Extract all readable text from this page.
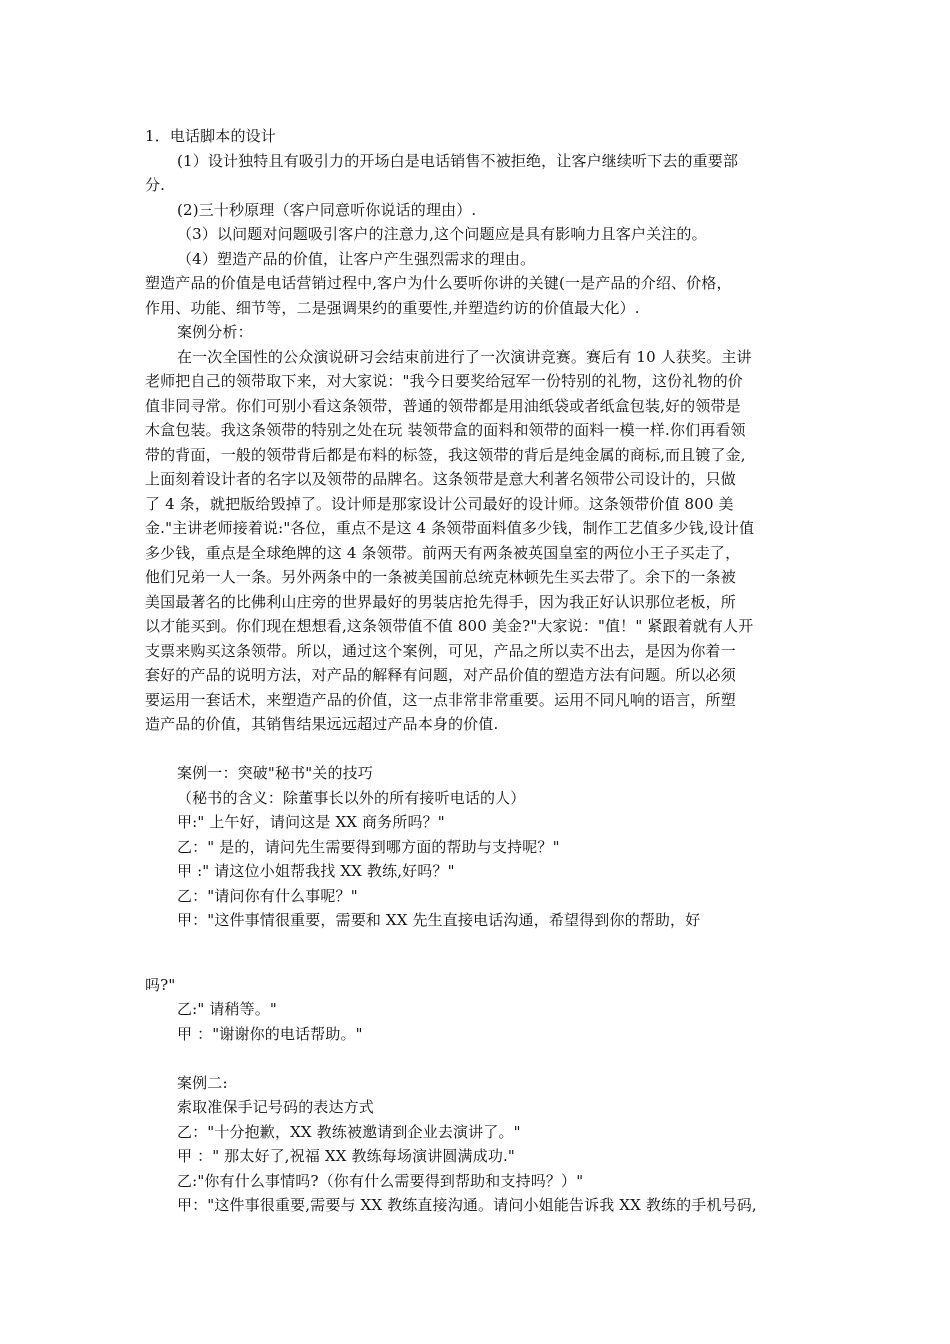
1．电话脚本的设计
(1）设计独特且有吸引力的开场白是电话销售不被拒绝，让客户继续听下去的重要部
分.
(2)三十秒原理（客户同意听你说话的理由）.
（3）以问题对问题吸引客户的注意力,这个问题应是具有影响力且客户关注的。
（4）塑造产品的价值，让客户产生强烈需求的理由。
塑造产品的价值是电话营销过程中,客户为什么要听你讲的关键(一是产品的介绍、价格，
作用、功能、细节等，二是强调果约的重要性,并塑造约访的价值最大化）.
案例分析：
在一次全国性的公众演说研习会结束前进行了一次演讲竞赛。赛后有 10 人获奖。主讲
老师把自己的领带取下来，对大家说："我今日要奖给冠军一份特别的礼物，这份礼物的价
值非同寻常。你们可别小看这条领带，普通的领带都是用油纸袋或者纸盒包装,好的领带是
木盒包装。我这条领带的特别之处在玩 装领带盒的面料和领带的面料一模一样.你们再看领
带的背面，一般的领带背后都是布料的标签，我这领带的背后是纯金属的商标,而且镀了金,
上面刻着设计者的名字以及领带的品牌名。这条领带是意大利著名领带公司设计的，只做
了 4 条，就把版给毁掉了。设计师是那家设计公司最好的设计师。这条领带价值 800 美
金."主讲老师接着说:"各位，重点不是这 4 条领带面料值多少钱，制作工艺值多少钱,设计值
多少钱，重点是全球绝牌的这 4 条领带。前两天有两条被英国皇室的两位小王子买走了，
他们兄弟一人一条。另外两条中的一条被美国前总统克林顿先生买去带了。余下的一条被
美国最著名的比佛利山庄旁的世界最好的男装店抢先得手，因为我正好认识那位老板，所
以才能买到。你们现在想想看,这条领带值不值 800 美金?"大家说："值！" 紧跟着就有人开
支票来购买这条领带。所以，通过这个案例，可见，产品之所以卖不出去，是因为你着一
套好的产品的说明方法，对产品的解释有问题，对产品价值的塑造方法有问题。所以必须
要运用一套话术，来塑造产品的价值，这一点非常非常重要。运用不同凡响的语言，所塑
造产品的价值，其销售结果远远超过产品本身的价值.
案例一：突破"秘书"关的技巧
（秘书的含义：除董事长以外的所有接听电话的人）
甲:" 上午好，请问这是 XX 商务所吗？"
乙：" 是的，请问先生需要得到哪方面的帮助与支持呢？"
甲 :" 请这位小姐帮我找 XX 教练,好吗？"
乙："请问你有什么事呢？"
甲："这件事情很重要，需要和 XX 先生直接电话沟通，希望得到你的帮助，好
吗?"
乙:" 请稍等。"
甲 ："谢谢你的电话帮助。"
案例二:
索取准保手记号码的表达方式
乙："十分抱歉，XX 教练被邀请到企业去演讲了。"
甲 ：" 那太好了,祝福 XX 教练每场演讲圆满成功."
乙:"你有什么事情吗?（你有什么需要得到帮助和支持吗？）"
甲："这件事很重要,需要与 XX 教练直接沟通。请问小姐能告诉我 XX 教练的手机号码,
